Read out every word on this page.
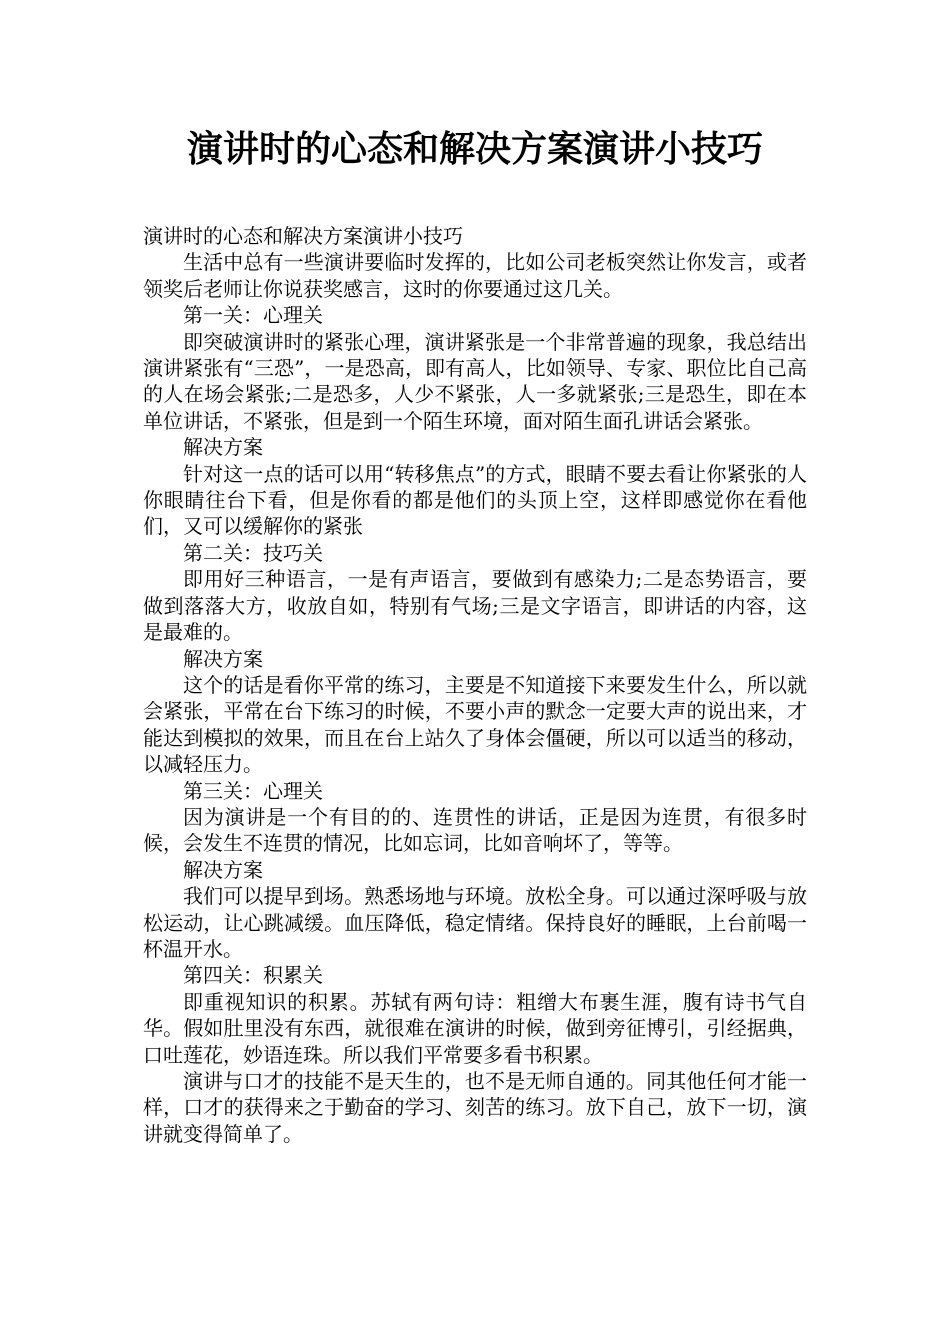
演讲时的心态和解决方案演讲小技巧

演讲时的心态和解决方案演讲小技巧

生活中总有一些演讲要临时发挥的，比如公司老板突然让你发言，或者领奖后老师让你说获奖感言，这时的你要通过这几关。

第一关：心理关

即突破演讲时的紧张心理，演讲紧张是一个非常普遍的现象，我总结出演讲紧张有“三恐”，一是恐高，即有高人，比如领导、专家、职位比自己高的人在场会紧张;二是恐多，人少不紧张，人一多就紧张;三是恐生，即在本单位讲话，不紧张，但是到一个陌生环境，面对陌生面孔讲话会紧张。

解决方案

针对这一点的话可以用“转移焦点”的方式，眼睛不要去看让你紧张的人你眼睛往台下看，但是你看的都是他们的头顶上空，这样即感觉你在看他们，又可以缓解你的紧张

第二关：技巧关

即用好三种语言，一是有声语言，要做到有感染力;二是态势语言，要做到落落大方，收放自如，特别有气场;三是文字语言，即讲话的内容，这是最难的。

解决方案

这个的话是看你平常的练习，主要是不知道接下来要发生什么，所以就会紧张，平常在台下练习的时候，不要小声的默念一定要大声的说出来，才能达到模拟的效果，而且在台上站久了身体会僵硬，所以可以适当的移动，以减轻压力。

第三关：心理关

因为演讲是一个有目的的、连贯性的讲话，正是因为连贯，有很多时候，会发生不连贯的情况，比如忘词，比如音响坏了，等等。

解决方案

我们可以提早到场。熟悉场地与环境。放松全身。可以通过深呼吸与放松运动，让心跳减缓。血压降低，稳定情绪。保持良好的睡眠，上台前喝一杯温开水。

第四关：积累关

即重视知识的积累。苏轼有两句诗：粗缯大布裹生涯，腹有诗书气自华。假如肚里没有东西，就很难在演讲的时候，做到旁征博引，引经据典，口吐莲花，妙语连珠。所以我们平常要多看书积累。

演讲与口才的技能不是天生的，也不是无师自通的。同其他任何才能一样，口才的获得来之于勤奋的学习、刻苦的练习。放下自己，放下一切，演讲就变得简单了。
